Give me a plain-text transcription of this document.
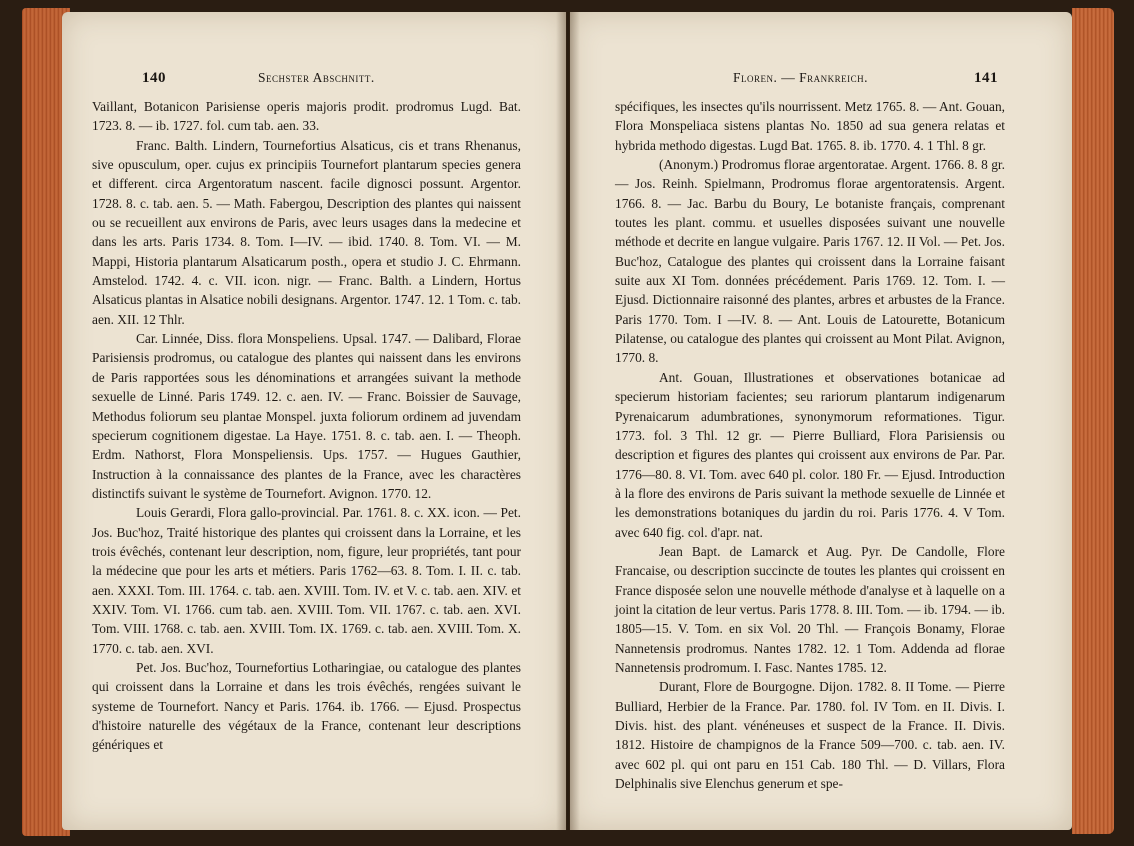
140	Sechster Abschnitt.	Floren. — Frankreich.	141

Vaillant, Botanicon Parisiense operis majoris prodit. prodromus Lugd. Bat. 1723. 8. — ib. 1727. fol. cum tab. aen. 33.

Franc. Balth. Lindern, Tournefortius Alsaticus, cis et trans Rhenanus, sive opusculum, oper. cujus ex principiis Tournefort plantarum species genera et different. circa Argentoratum nascent. facile dignosci possunt. Argentor. 1728. 8. c. tab. aen. 5. — Math. Fabergou, Description des plantes qui naissent ou se recueillent aux environs de Paris, avec leurs usages dans la medecine et dans les arts. Paris 1734. 8. Tom. I—IV. — ibid. 1740. 8. Tom. VI. — M. Mappi, Historia plantarum Alsaticarum posth., opera et studio J. C. Ehrmann. Amstelod. 1742. 4. c. VII. icon. nigr. — Franc. Balth. a Lindern, Hortus Alsaticus plantas in Alsatice nobili designans. Argentor. 1747. 12. 1 Tom. c. tab. aen. XII. 12 Thlr.

Car. Linnée, Diss. flora Monspeliens. Upsal. 1747. — Dalibard, Florae Parisiensis prodromus, ou catalogue des plantes qui naissent dans les environs de Paris rapportées sous les dénominations et arrangées suivant la methode sexuelle de Linné. Paris 1749. 12. c. aen. IV. — Franc. Boissier de Sauvage, Methodus foliorum seu plantae Monspel. juxta foliorum ordinem ad juvendam specierum cognitionem digestae. La Haye. 1751. 8. c. tab. aen. I. — Theoph. Erdm. Nathorst, Flora Monspeliensis. Ups. 1757. — Hugues Gauthier, Instruction à la connaissance des plantes de la France, avec les charactères distinctifs suivant le système de Tournefort. Avignon. 1770. 12.

Louis Gerardi, Flora gallo-provincial. Par. 1761. 8. c. XX. icon. — Pet. Jos. Buc'hoz, Traité historique des plantes qui croissent dans la Lorraine, et les trois évêchés, contenant leur description, nom, figure, leur propriétés, tant pour la médecine que pour les arts et métiers. Paris 1762—63. 8. Tom. I. II. c. tab. aen. XXXI. Tom. III. 1764. c. tab. aen. XVIII. Tom. IV. et V. c. tab. aen. XIV. et XXIV. Tom. VI. 1766. cum tab. aen. XVIII. Tom. VII. 1767. c. tab. aen. XVI. Tom. VIII. 1768. c. tab. aen. XVIII. Tom. IX. 1769. c. tab. aen. XVIII. Tom. X. 1770. c. tab. aen. XVI.

Pet. Jos. Buc'hoz, Tournefortius Lotharingiae, ou catalogue des plantes qui croissent dans la Lorraine et dans les trois évêchés, rengées suivant le systeme de Tournefort. Nancy et Paris. 1764. ib. 1766. — Ejusd. Prospectus d'histoire naturelle des végétaux de la France, contenant leur descriptions génériques et

spécifiques, les insectes qu'ils nourrissent. Metz 1765. 8. — Ant. Gouan, Flora Monspeliaca sistens plantas No. 1850 ad sua genera relatas et hybrida methodo digestas. Lugd Bat. 1765. 8. ib. 1770. 4. 1 Thl. 8 gr.

(Anonym.) Prodromus florae argentoratae. Argent. 1766. 8. 8 gr. — Jos. Reinh. Spielmann, Prodromus florae argentoratensis. Argent. 1766. 8. — Jac. Barbu du Boury, Le botaniste français, comprenant toutes les plant. commu. et usuelles disposées suivant une nouvelle méthode et decrite en langue vulgaire. Paris 1767. 12. II Vol. — Pet. Jos. Buc'hoz, Catalogue des plantes qui croissent dans la Lorraine faisant suite aux XI Tom. données précédement. Paris 1769. 12. Tom. I. — Ejusd. Dictionnaire raisonné des plantes, arbres et arbustes de la France. Paris 1770. Tom. I —IV. 8. — Ant. Louis de Latourette, Botanicum Pilatense, ou catalogue des plantes qui croissent au Mont Pilat. Avignon, 1770. 8.

Ant. Gouan, Illustrationes et observationes botanicae ad specierum historiam facientes; seu rariorum plantarum indigenarum Pyrenaicarum adumbrationes, synonymorum reformationes. Tigur. 1773. fol. 3 Thl. 12 gr. — Pierre Bulliard, Flora Parisiensis ou description et figures des plantes qui croissent aux environs de Par. Par. 1776—80. 8. VI. Tom. avec 640 pl. color. 180 Fr. — Ejusd. Introduction à la flore des environs de Paris suivant la methode sexuelle de Linnée et les demonstrations botaniques du jardin du roi. Paris 1776. 4. V Tom. avec 640 fig. col. d'apr. nat.

Jean Bapt. de Lamarck et Aug. Pyr. De Candolle, Flore Francaise, ou description succincte de toutes les plantes qui croissent en France disposée selon une nouvelle méthode d'analyse et à laquelle on a joint la citation de leur vertus. Paris 1778. 8. III. Tom. — ib. 1794. — ib. 1805—15. V. Tom. en six Vol. 20 Thl. — François Bonamy, Florae Nannetensis prodromus. Nantes 1782. 12. 1 Tom. Addenda ad florae Nannetensis prodromum. I. Fasc. Nantes 1785. 12.

Durant, Flore de Bourgogne. Dijon. 1782. 8. II Tome. — Pierre Bulliard, Herbier de la France. Par. 1780. fol. IV Tom. en II. Divis. I. Divis. hist. des plant. vénéneuses et suspect de la France. II. Divis. 1812. Histoire de champignos de la France 509—700. c. tab. aen. IV. avec 602 pl. qui ont paru en 151 Cab. 180 Thl. — D. Villars, Flora Delphinalis sive Elenchus generum et spe-
